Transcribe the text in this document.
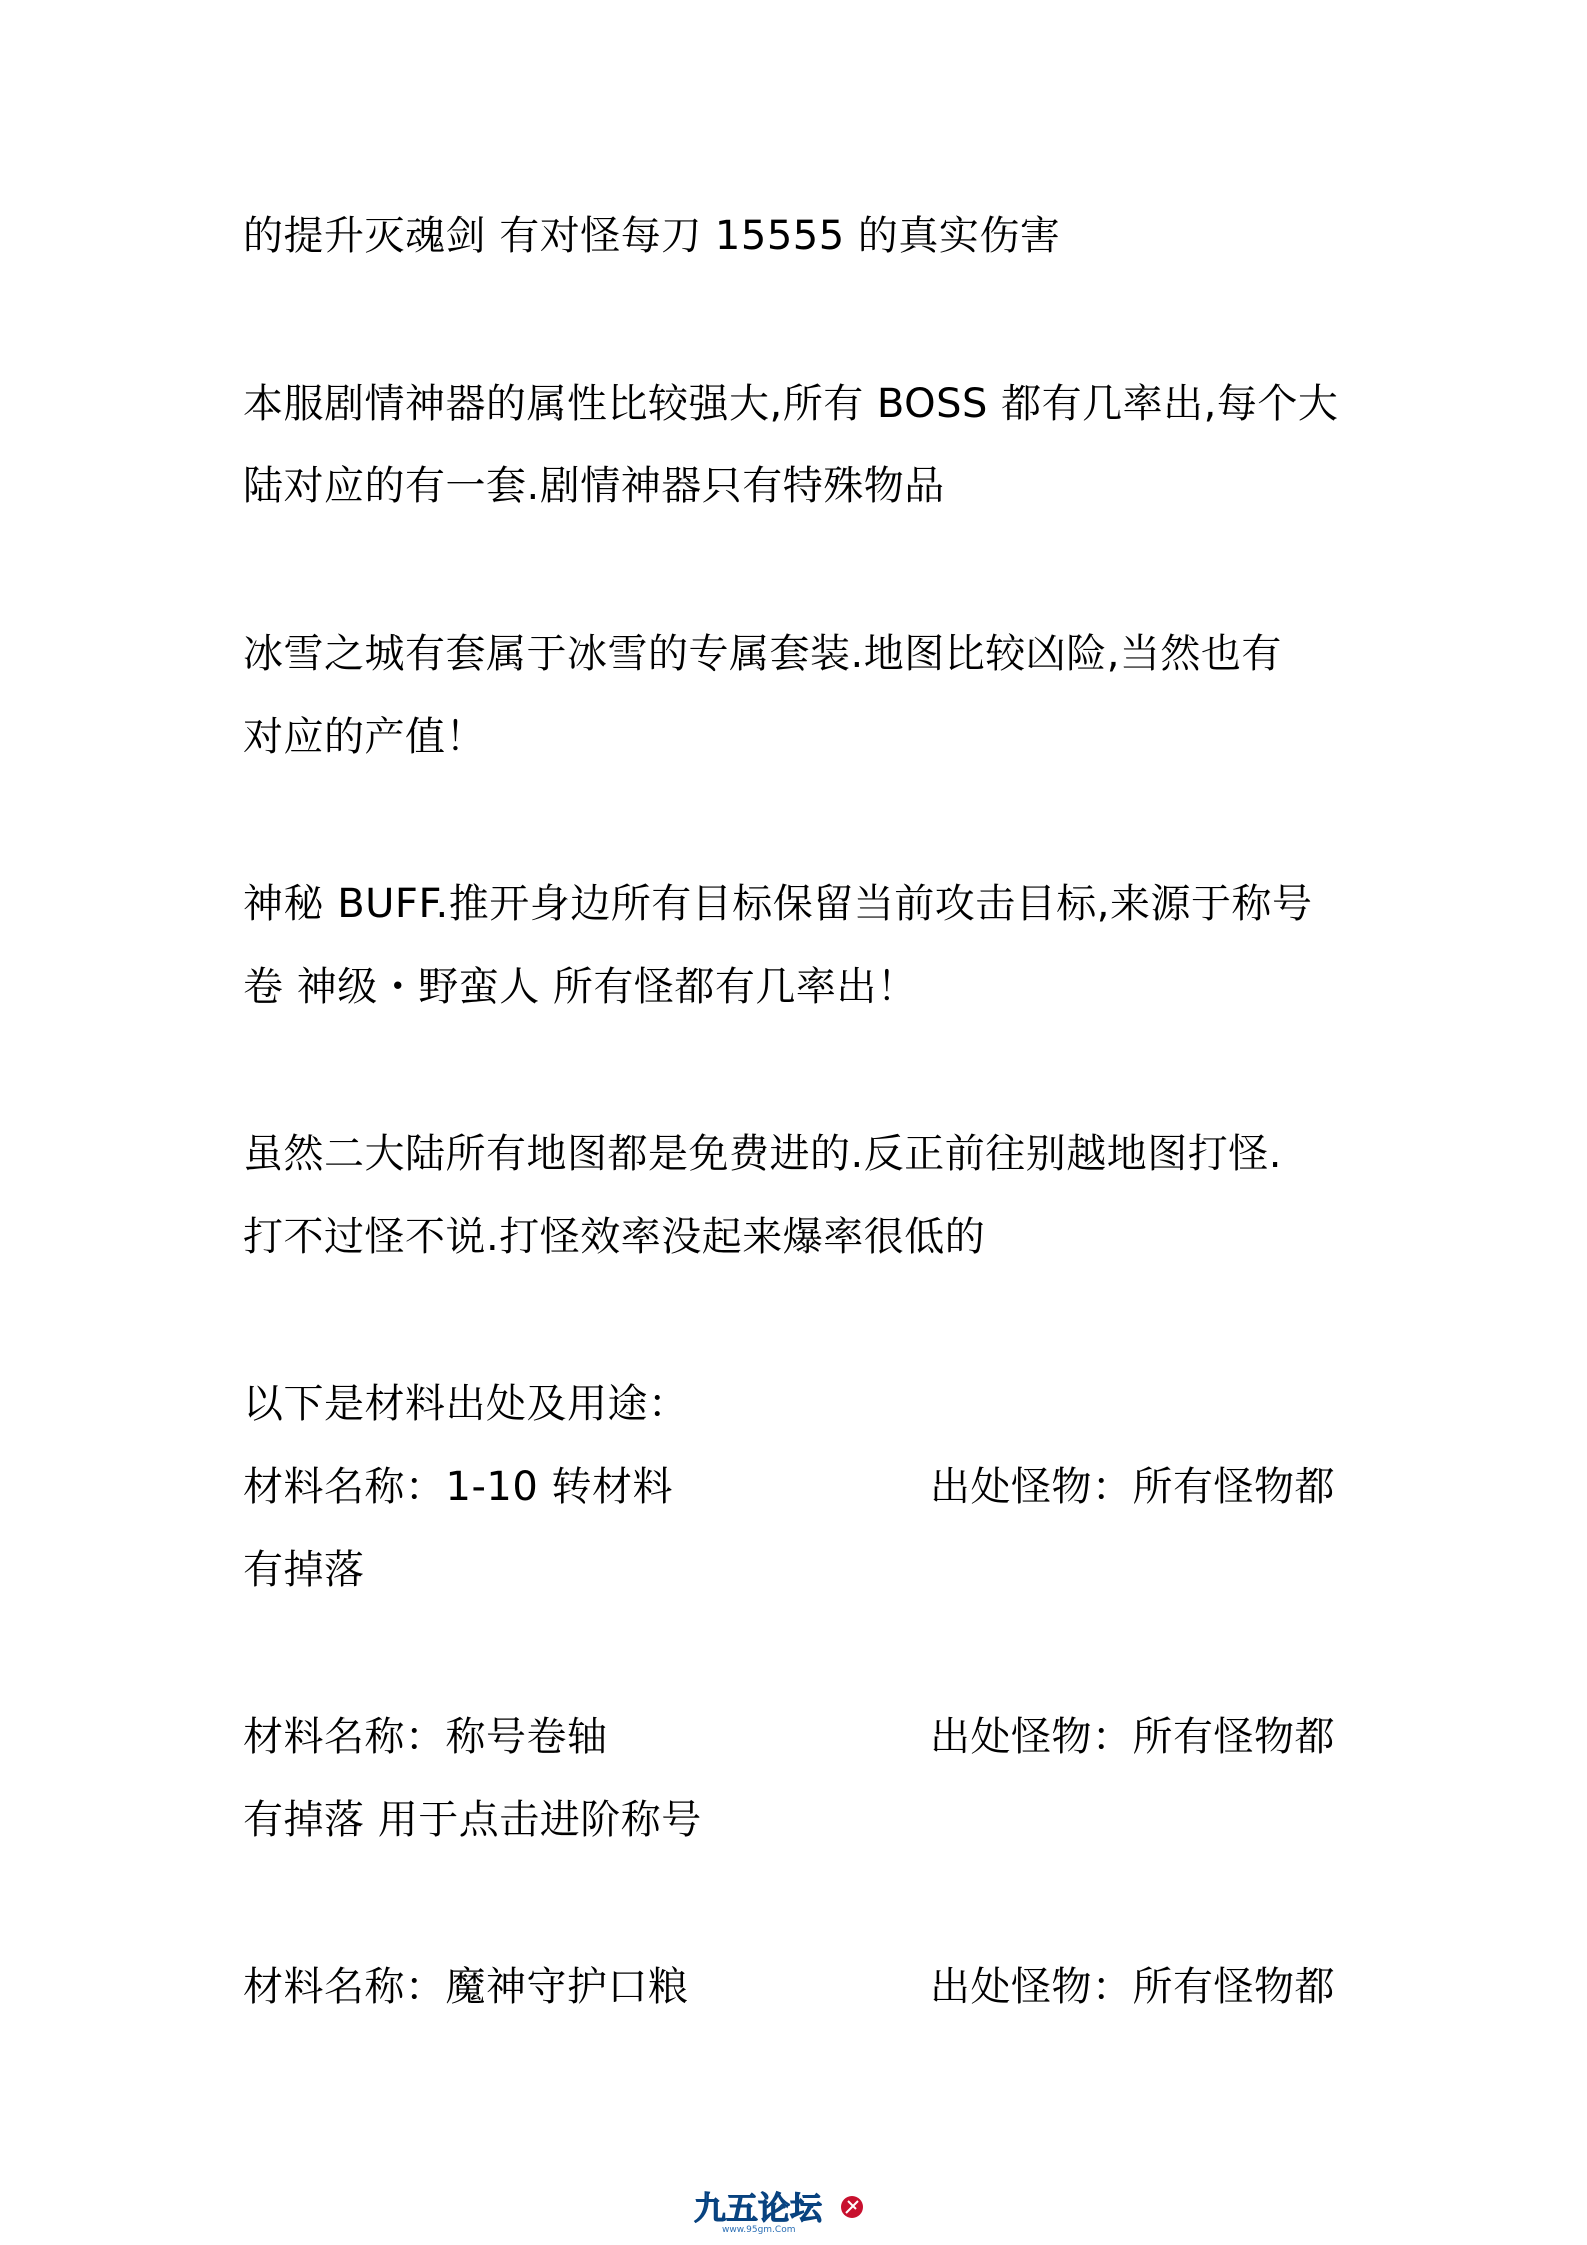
的提升灭魂剑 有对怪每刀 15555 的真实伤害
本服剧情神器的属性比较强大,所有 BOSS 都有几率出,每个大
陆对应的有一套.剧情神器只有特殊物品
冰雪之城有套属于冰雪的专属套装.地图比较凶险,当然也有
对应的产值！
神秘 BUFF.推开身边所有目标保留当前攻击目标,来源于称号
卷 神级・野蛮人 所有怪都有几率出！
虽然二大陆所有地图都是免费进的.反正前往别越地图打怪.
打不过怪不说.打怪效率没起来爆率很低的
以下是材料出处及用途：
材料名称：1-10 转材料	出处怪物：所有怪物都
有掉落
材料名称：称号卷轴	出处怪物：所有怪物都
有掉落 用于点击进阶称号
材料名称：魔神守护口粮	出处怪物：所有怪物都
九五论坛
www.95gm.Com
